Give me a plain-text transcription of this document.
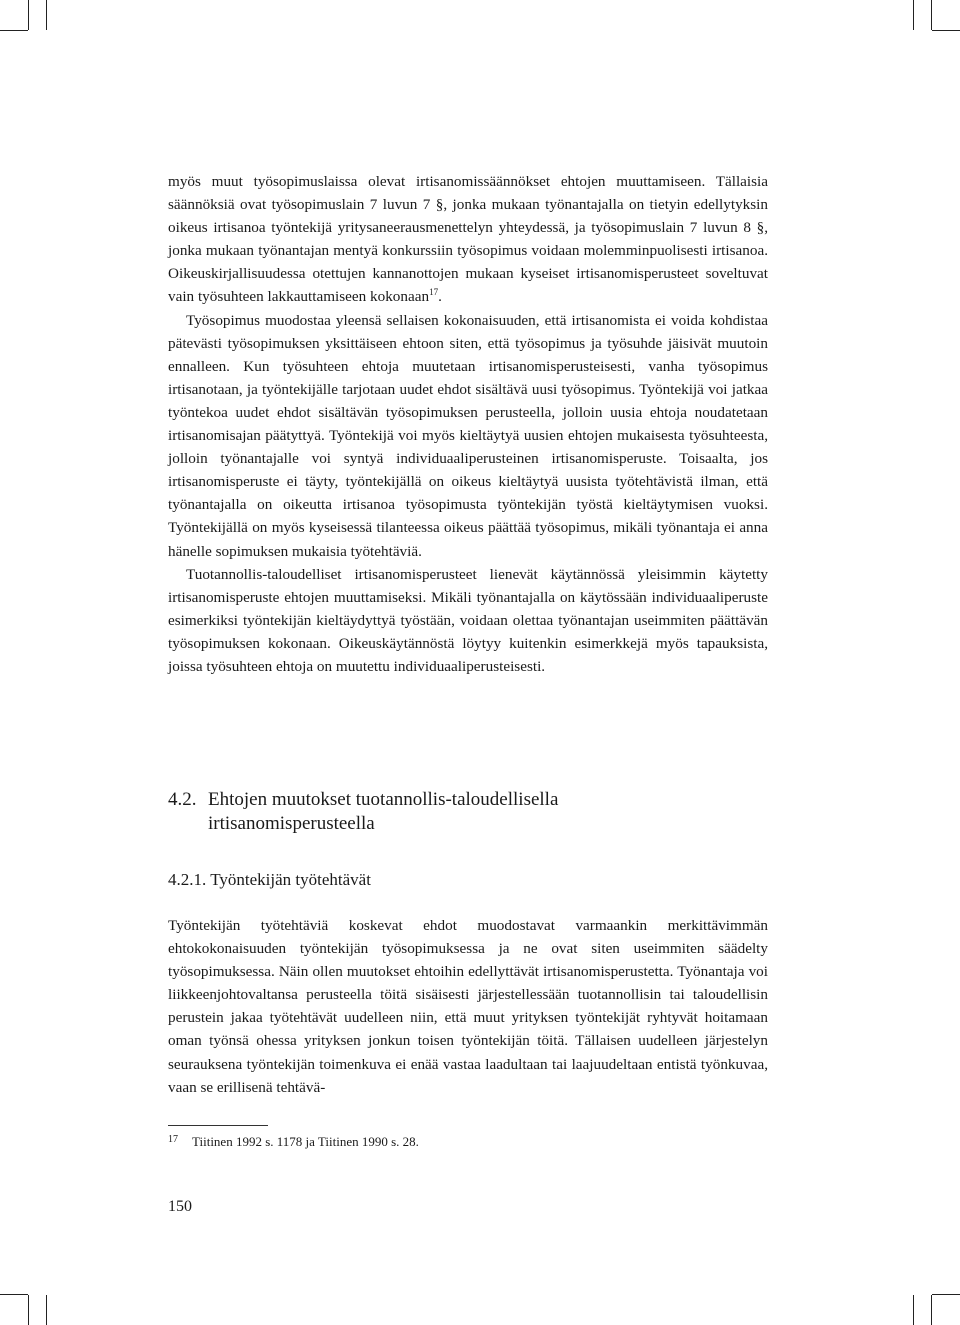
myös muut työsopimuslaissa olevat irtisanomissäännökset ehtojen muuttamiseen. Tällaisia säännöksiä ovat työsopimuslain 7 luvun 7 §, jonka mukaan työnantajalla on tietyin edellytyksin oikeus irtisanoa työntekijä yritysaneerausmenettelyn yhteydessä, ja työsopimuslain 7 luvun 8 §, jonka mukaan työnantajan mentyä konkurssiin työsopimus voidaan molemminpuolisesti irtisanoa. Oikeuskirjallisuudessa otettujen kannanottojen mukaan kyseiset irtisanomisperusteet soveltuvat vain työsuhteen lakkauttamiseen kokonaan$^{17}$.

Työsopimus muodostaa yleensä sellaisen kokonaisuuden, että irtisanomista ei voida kohdistaa pätevästi työsopimuksen yksittäiseen ehtoon siten, että työsopimus ja työsuhde jäisivät muutoin ennalleen. Kun työsuhteen ehtoja muutetaan irtisanomisperusteisesti, vanha työsopimus irtisanotaan, ja työntekijälle tarjotaan uudet ehdot sisältävä uusi työsopimus. Työntekijä voi jatkaa työntekoa uudet ehdot sisältävän työsopimuksen perusteella, jolloin uusia ehtoja noudatetaan irtisanomisajan päätyttyä. Työntekijä voi myös kieltäytyä uusien ehtojen mukaisesta työsuhteesta, jolloin työnantajalle voi syntyä individuaaliperusteinen irtisanomisperuste. Toisaalta, jos irtisanomisperuste ei täyty, työntekijällä on oikeus kieltäytyä uusista työtehtävistä ilman, että työnantajalla on oikeutta irtisanoa työsopimusta työntekijän työstä kieltäytymisen vuoksi. Työntekijällä on myös kyseisessä tilanteessa oikeus päättää työsopimus, mikäli työnantaja ei anna hänelle sopimuksen mukaisia työtehtäviä.

Tuotannollis-taloudelliset irtisanomisperusteet lienevät käytännössä yleisimmin käytetty irtisanomisperuste ehtojen muuttamiseksi. Mikäli työnantajalla on käytössään individuaaliperuste esimerkiksi työntekijän kieltäydyttyä työstään, voidaan olettaa työnantajan useimmiten päättävän työsopimuksen kokonaan. Oikeuskäytännöstä löytyy kuitenkin esimerkkejä myös tapauksista, joissa työsuhteen ehtoja on muutettu individuaaliperusteisesti.

4.2. Ehtojen muutokset tuotannollis-taloudellisella irtisanomisperusteella
4.2.1. Työntekijän työtehtävät

Työntekijän työtehtäviä koskevat ehdot muodostavat varmaankin merkittävimmän ehtokokonaisuuden työntekijän työsopimuksessa ja ne ovat siten useimmiten säädelty työsopimuksessa. Näin ollen muutokset ehtoihin edellyttävät irtisanomisperustetta. Työnantaja voi liikkeenjohtovaltansa perusteella töitä sisäisesti järjestellessään tuotannollisin tai taloudellisin perustein jakaa työtehtävät uudelleen niin, että muut yrityksen työntekijät ryhtyvät hoitamaan oman työnsä ohessa yrityksen jonkun toisen työntekijän töitä. Tällaisen uudelleen järjestelyn seurauksena työntekijän toimenkuva ei enää vastaa laadultaan tai laajuudeltaan entistä työnkuvaa, vaan se erillisenä tehtävä-

17	Tiitinen 1992 s. 1178 ja Tiitinen 1990 s. 28.
150
